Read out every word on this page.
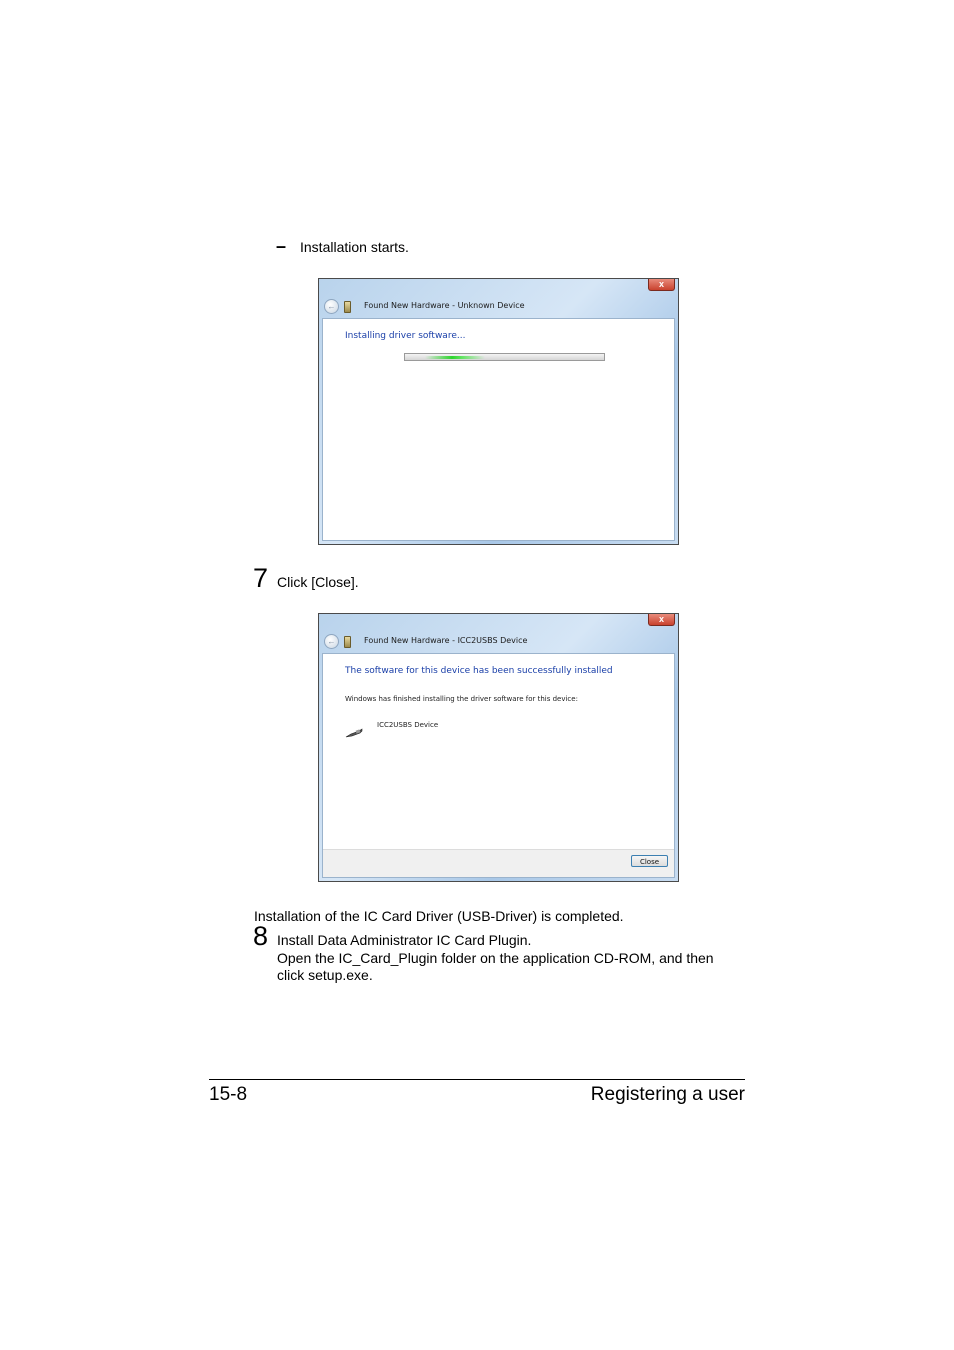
– Installation starts.
x
←	Found New Hardware - Unknown Device
Installing driver software...
7 Click [Close].
x
←	Found New Hardware - ICC2USBS Device
The software for this device has been successfully installed
Windows has finished installing the driver software for this device:
ICC2USBS Device
Close
Installation of the IC Card Driver (USB-Driver) is completed.
8 Install Data Administrator IC Card Plugin.
Open the IC_Card_Plugin folder on the application CD-ROM, and then
click setup.exe.
15-8	Registering a user
